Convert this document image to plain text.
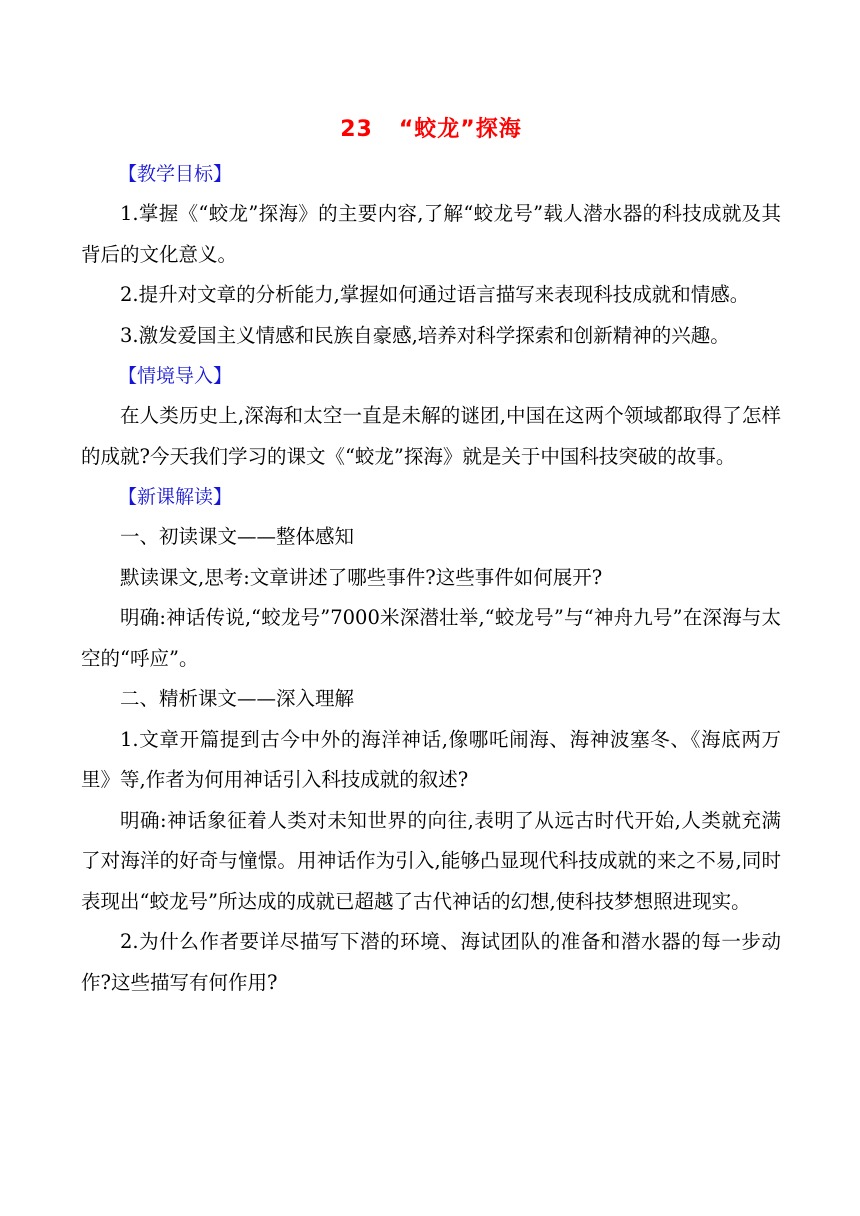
23 “蛟龙”探海

【教学目标】

1.掌握《“蛟龙”探海》的主要内容,了解“蛟龙号”载人潜水器的科技成就及其背后的文化意义。

2.提升对文章的分析能力,掌握如何通过语言描写来表现科技成就和情感。

3.激发爱国主义情感和民族自豪感,培养对科学探索和创新精神的兴趣。

【情境导入】

在人类历史上,深海和太空一直是未解的谜团,中国在这两个领域都取得了怎样的成就?今天我们学习的课文《“蛟龙”探海》就是关于中国科技突破的故事。

【新课解读】

一、初读课文——整体感知

默读课文,思考:文章讲述了哪些事件?这些事件如何展开?

明确:神话传说,“蛟龙号”7000米深潜壮举,“蛟龙号”与“神舟九号”在深海与太空的“呼应”。

二、精析课文——深入理解

1.文章开篇提到古今中外的海洋神话,像哪吒闹海、海神波塞冬、《海底两万里》等,作者为何用神话引入科技成就的叙述?

明确:神话象征着人类对未知世界的向往,表明了从远古时代开始,人类就充满了对海洋的好奇与憧憬。用神话作为引入,能够凸显现代科技成就的来之不易,同时表现出“蛟龙号”所达成的成就已超越了古代神话的幻想,使科技梦想照进现实。

2.为什么作者要详尽描写下潜的环境、海试团队的准备和潜水器的每一步动作?这些描写有何作用?
